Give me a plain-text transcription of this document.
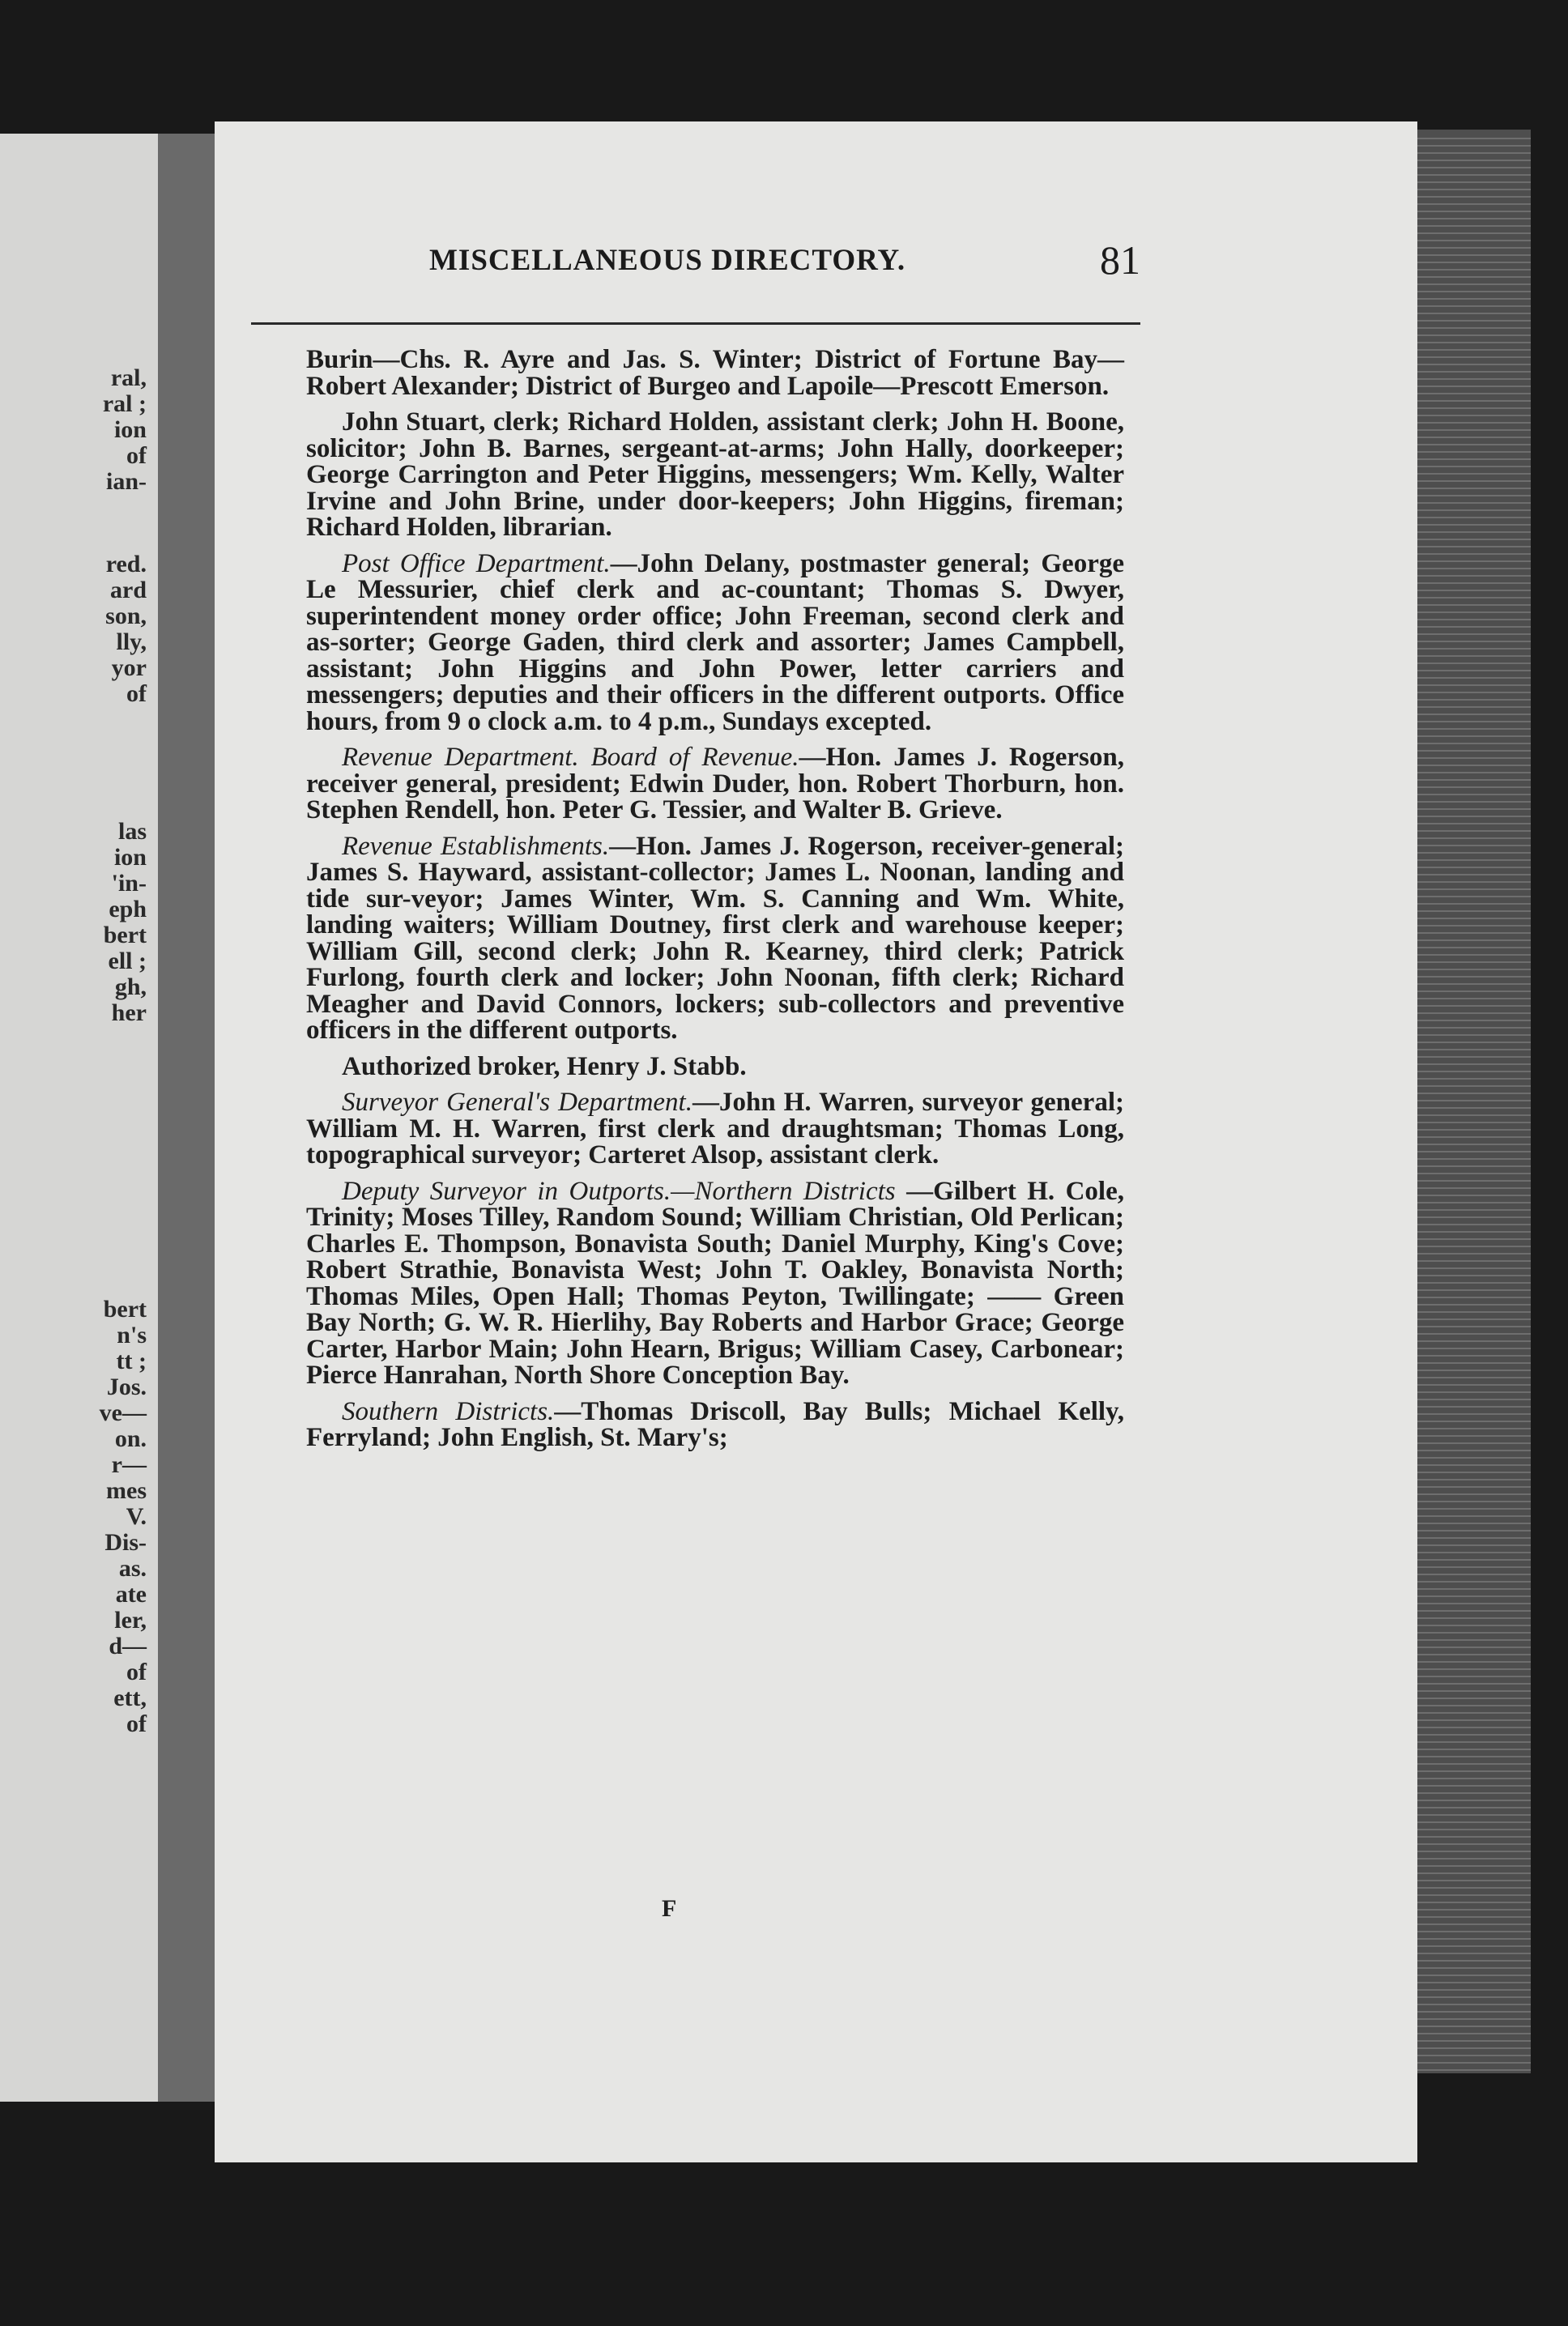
ral,
ral ;
ion
of
ian-
red.
ard
son,
lly,
yor
of
las
ion
'in-
eph
bert
ell ;
gh,
her
bert
n's
tt ;
Jos.
ve—
on.
r—
mes
V.
Dis-
as.
ate
ler,
d—
of
ett,
of
MISCELLANEOUS DIRECTORY.	81

Burin—Chs. R. Ayre and Jas. S. Winter; District of Fortune Bay—Robert Alexander; District of Burgeo and Lapoile—Prescott Emerson.

John Stuart, clerk; Richard Holden, assistant clerk; John H. Boone, solicitor; John B. Barnes, sergeant-at-arms; John Hally, doorkeeper; George Carrington and Peter Higgins, messengers; Wm. Kelly, Walter Irvine and John Brine, under door-keepers; John Higgins, fireman; Richard Holden, librarian.

Post Office Department.—John Delany, postmaster general; George Le Messurier, chief clerk and ac-countant; Thomas S. Dwyer, superintendent money order office; John Freeman, second clerk and as-sorter; George Gaden, third clerk and assorter; James Campbell, assistant; John Higgins and John Power, letter carriers and messengers; deputies and their officers in the different outports. Office hours, from 9 o clock a.m. to 4 p.m., Sundays excepted.

Revenue Department. Board of Revenue.—Hon. James J. Rogerson, receiver general, president; Edwin Duder, hon. Robert Thorburn, hon. Stephen Rendell, hon. Peter G. Tessier, and Walter B. Grieve.

Revenue Establishments.—Hon. James J. Rogerson, receiver-general; James S. Hayward, assistant-collector; James L. Noonan, landing and tide sur-veyor; James Winter, Wm. S. Canning and Wm. White, landing waiters; William Doutney, first clerk and warehouse keeper; William Gill, second clerk; John R. Kearney, third clerk; Patrick Furlong, fourth clerk and locker; John Noonan, fifth clerk; Richard Meagher and David Connors, lockers; sub-collectors and preventive officers in the different outports.

Authorized broker, Henry J. Stabb.

Surveyor General's Department.—John H. Warren, surveyor general; William M. H. Warren, first clerk and draughtsman; Thomas Long, topographical surveyor; Carteret Alsop, assistant clerk.

Deputy Surveyor in Outports.—Northern Districts —Gilbert H. Cole, Trinity; Moses Tilley, Random Sound; William Christian, Old Perlican; Charles E. Thompson, Bonavista South; Daniel Murphy, King's Cove; Robert Strathie, Bonavista West; John T. Oakley, Bonavista North; Thomas Miles, Open Hall; Thomas Peyton, Twillingate; —— Green Bay North; G. W. R. Hierlihy, Bay Roberts and Harbor Grace; George Carter, Harbor Main; John Hearn, Brigus; William Casey, Carbonear; Pierce Hanrahan, North Shore Conception Bay.

Southern Districts.—Thomas Driscoll, Bay Bulls; Michael Kelly, Ferryland; John English, St. Mary's;

F
